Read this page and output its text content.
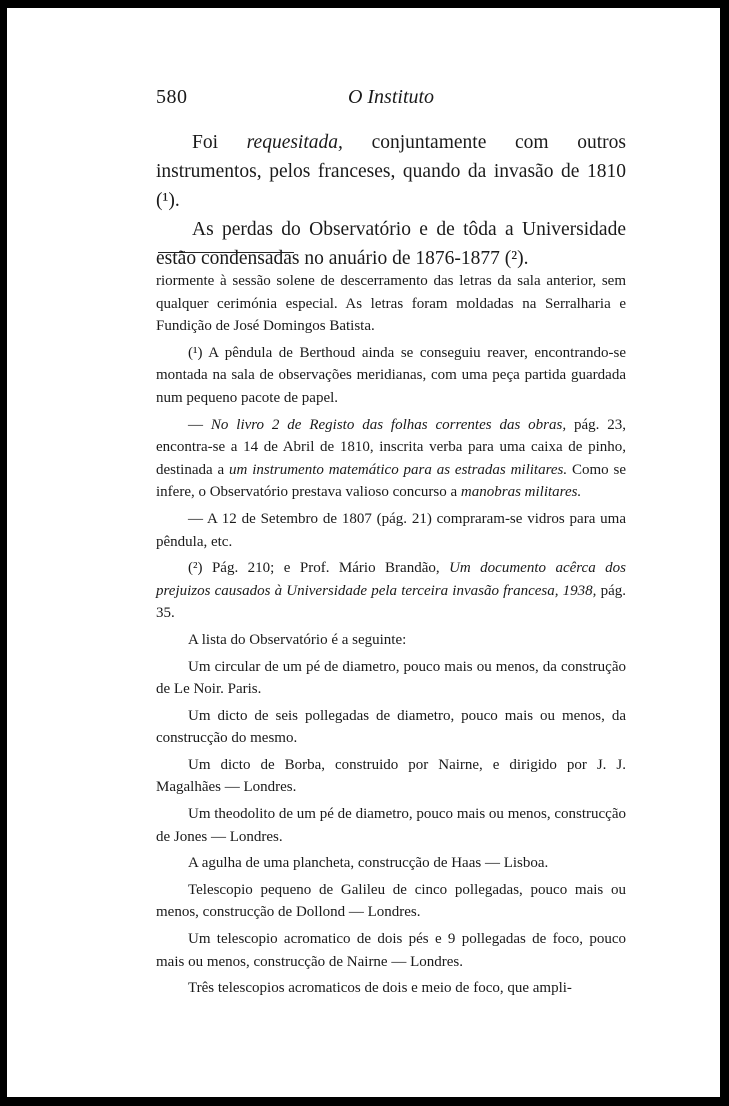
580	O Instituto

Foi requesitada, conjuntamente com outros instrumentos, pelos franceses, quando da invasão de 1810 (¹).

As perdas do Observatório e de tôda a Universidade estão condensadas no anuário de 1876-1877 (²).

riormente à sessão solene de descerramento das letras da sala anterior, sem qualquer cerimónia especial. As letras foram moldadas na Serralharia e Fundição de José Domingos Batista.

(¹) A pêndula de Berthoud ainda se conseguiu reaver, encontrando-se montada na sala de observações meridianas, com uma peça partida guardada num pequeno pacote de papel.

— No livro 2 de Registo das folhas correntes das obras, pág. 23, encontra-se a 14 de Abril de 1810, inscrita verba para uma caixa de pinho, destinada a um instrumento matemático para as estradas militares. Como se infere, o Observatório prestava valioso concurso a manobras militares.

— A 12 de Setembro de 1807 (pág. 21) compraram-se vidros para uma pêndula, etc.

(²) Pág. 210; e Prof. Mário Brandão, Um documento acêrca dos prejuizos causados à Universidade pela terceira invasão francesa, 1938, pág. 35.

A lista do Observatório é a seguinte:

Um circular de um pé de diametro, pouco mais ou menos, da construção de Le Noir. Paris.

Um dicto de seis pollegadas de diametro, pouco mais ou menos, da construcção do mesmo.

Um dicto de Borba, construido por Nairne, e dirigido por J. J. Magalhães — Londres.

Um theodolito de um pé de diametro, pouco mais ou menos, construcção de Jones — Londres.

A agulha de uma plancheta, construcção de Haas — Lisboa.

Telescopio pequeno de Galileu de cinco pollegadas, pouco mais ou menos, construcção de Dollond — Londres.

Um telescopio acromatico de dois pés e 9 pollegadas de foco, pouco mais ou menos, construcção de Nairne — Londres.

Três telescopios acromaticos de dois e meio de foco, que ampli-
